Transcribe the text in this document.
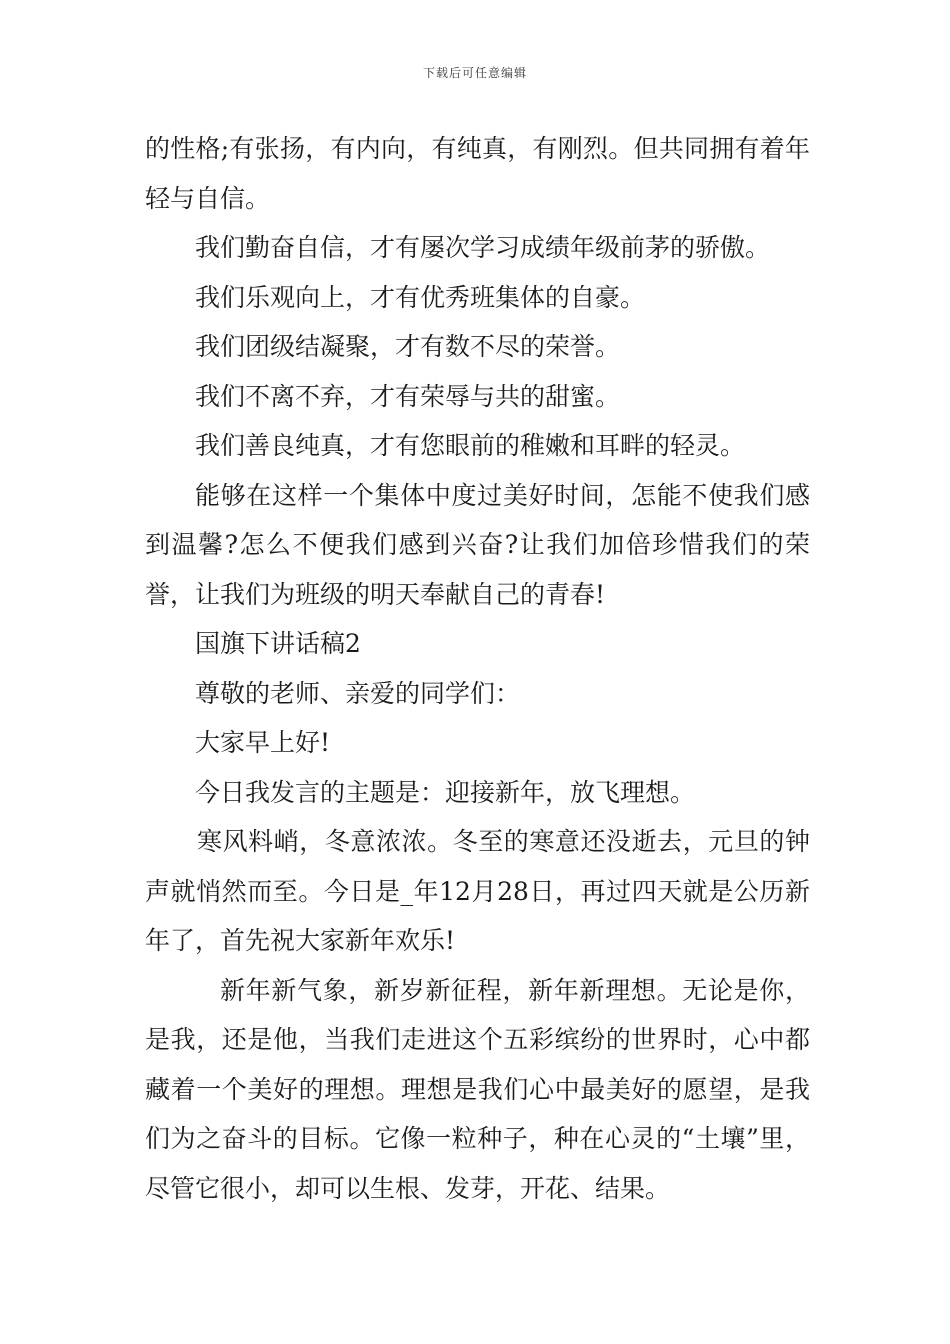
下载后可任意编辑

的性格;有张扬，有内向，有纯真，有刚烈。但共同拥有着年轻与自信。

我们勤奋自信，才有屡次学习成绩年级前茅的骄傲。

我们乐观向上，才有优秀班集体的自豪。

我们团级结凝聚，才有数不尽的荣誉。

我们不离不弃，才有荣辱与共的甜蜜。

我们善良纯真，才有您眼前的稚嫩和耳畔的轻灵。

能够在这样一个集体中度过美好时间，怎能不使我们感到温馨?怎么不便我们感到兴奋?让我们加倍珍惜我们的荣誉，让我们为班级的明天奉献自己的青春!

国旗下讲话稿2

尊敬的老师、亲爱的同学们：

大家早上好!

今日我发言的主题是：迎接新年，放飞理想。

寒风料峭，冬意浓浓。冬至的寒意还没逝去，元旦的钟声就悄然而至。今日是_年12月28日，再过四天就是公历新年了，首先祝大家新年欢乐!

新年新气象，新岁新征程，新年新理想。无论是你，是我，还是他，当我们走进这个五彩缤纷的世界时，心中都藏着一个美好的理想。理想是我们心中最美好的愿望，是我们为之奋斗的目标。它像一粒种子，种在心灵的“土壤”里，尽管它很小，却可以生根、发芽，开花、结果。
